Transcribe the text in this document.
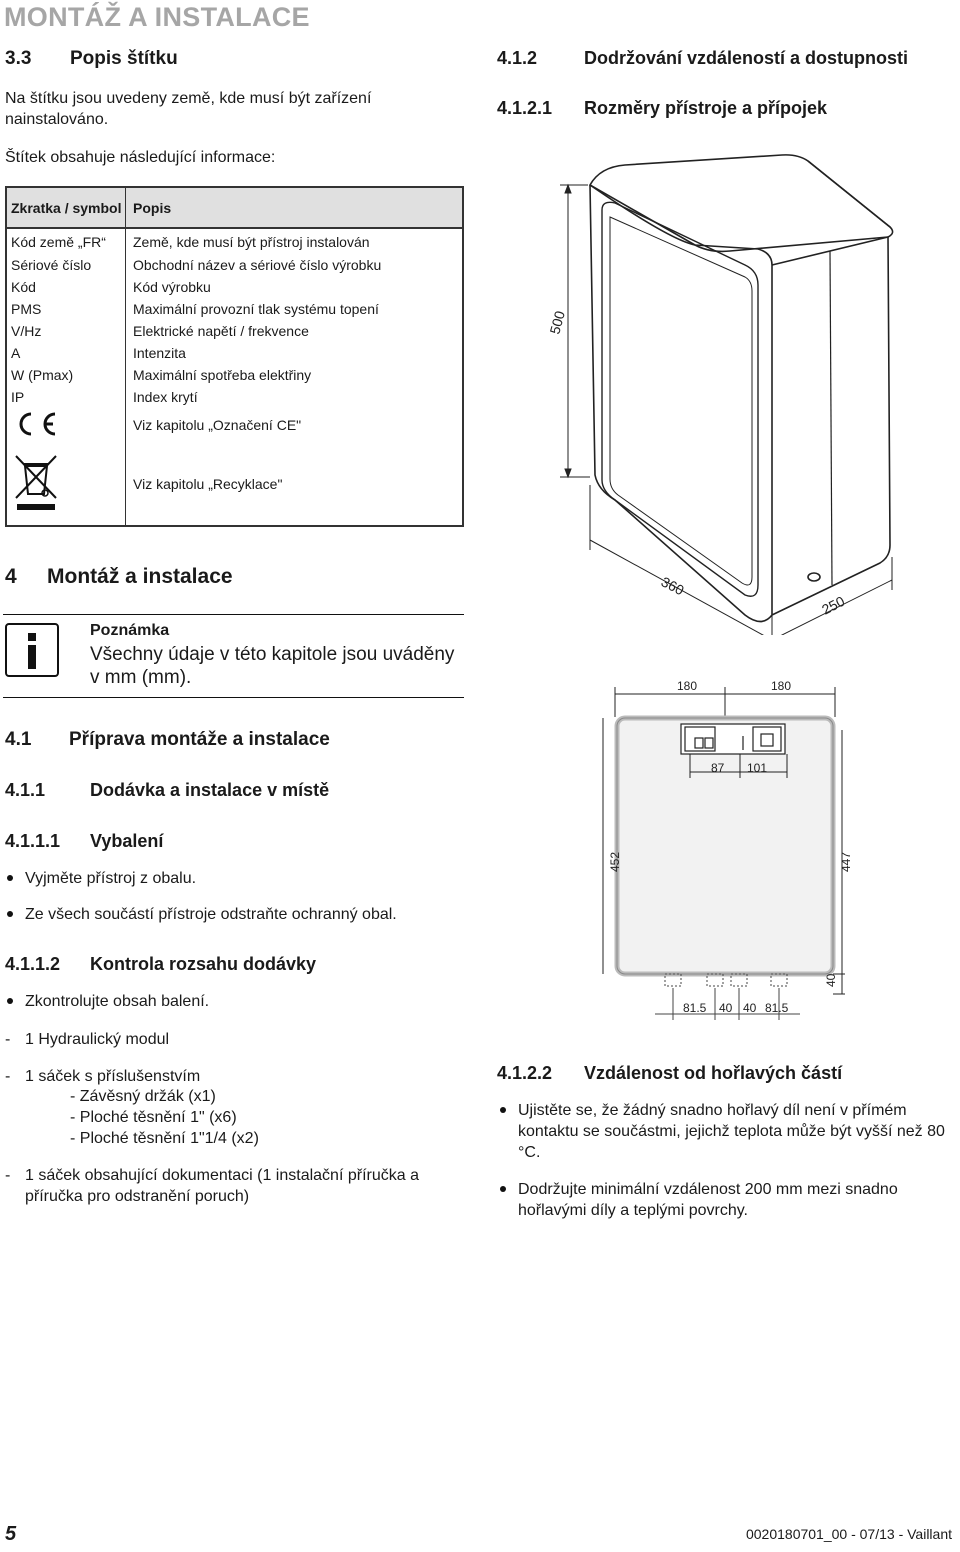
MONTÁŽ A INSTALACE
3.3 Popis štítku
Na štítku jsou uvedeny země, kde musí být zařízení nainstalováno.
Štítek obsahuje následující informace:
Zkratka / symbol	Popis
Kód země „FR“	Země, kde musí být přístroj instalován
Sériové číslo	Obchodní název a sériové číslo výrobku
Kód	Kód výrobku
PMS	Maximální provozní tlak systému topení
V/Hz	Elektrické napětí / frekvence
A	Intenzita
W (Pmax)	Maximální spotřeba elektřiny
IP	Index krytí
	Viz kapitolu „Označení CE"
	Viz kapitolu „Recyklace"
4 Montáž a instalace
Poznámka
Všechny údaje v této kapitole jsou uváděny v mm (mm).
4.1 Příprava montáže a instalace
4.1.1 Dodávka a instalace v místě
4.1.1.1 Vybalení
Vyjměte přístroj z obalu.
Ze všech součástí přístroje odstraňte ochranný obal.
4.1.1.2 Kontrola rozsahu dodávky
Zkontrolujte obsah balení.
- 1 Hydraulický modul
- 1 sáček s příslušenstvím
- Závěsný držák (x1)
- Ploché těsnění 1" (x6)
- Ploché těsnění 1"1/4 (x2)
- 1 sáček obsahující dokumentaci (1 instalační příručka a příručka pro odstranění poruch)
4.1.2	Dodržování vzdáleností a dostupnosti
4.1.2.1 Rozměry přístroje a přípojek
500
360
250
180	180
87 101
452	447
40
81.5 40 40 81.5
4.1.2.2 Vzdálenost od hořlavých částí
Ujistěte se, že žádný snadno hořlavý díl není v přímém kontaktu se součástmi, jejichž teplota může být vyšší než 80 °C.
Dodržujte minimální vzdálenost 200 mm mezi snadno hořlavými díly a teplými povrchy.
5	0020180701_00 - 07/13 - Vaillant
